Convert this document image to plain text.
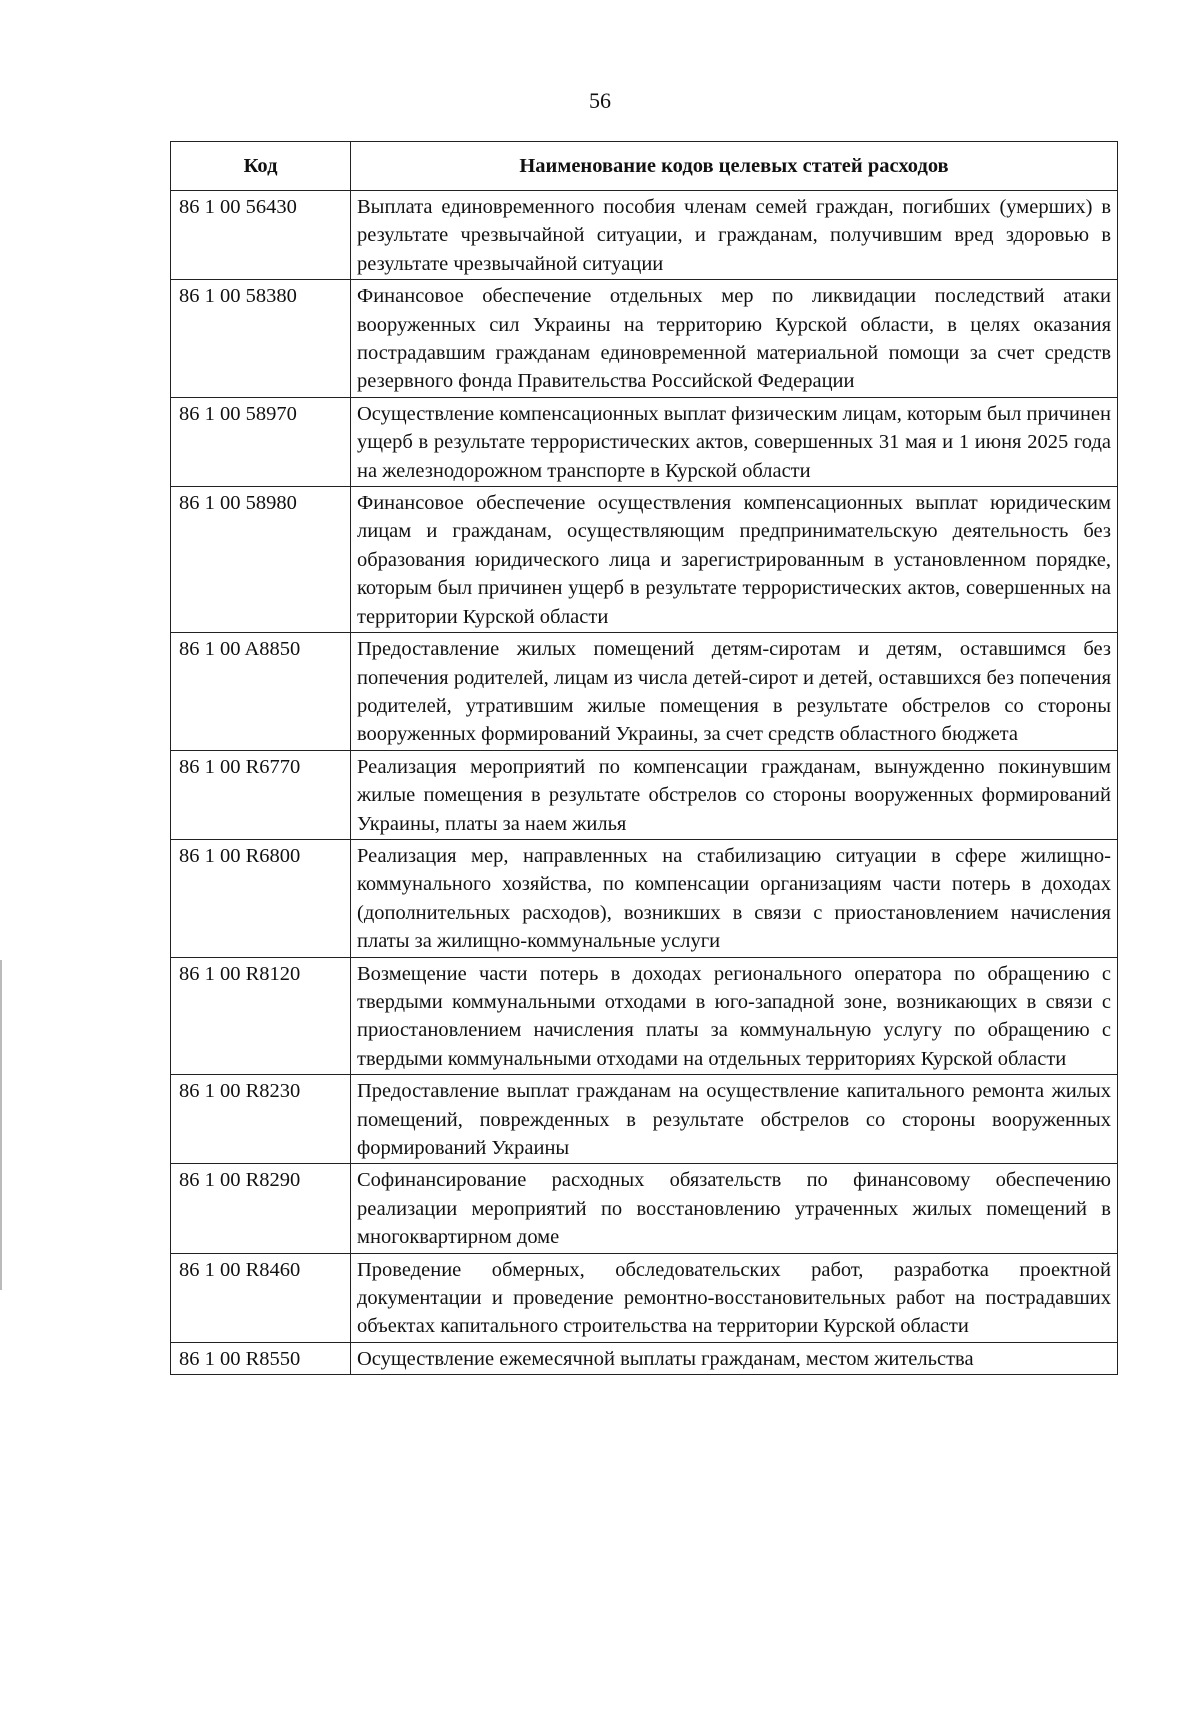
56
Код	Наименование кодов целевых статей расходов
86 1 00 56430	Выплата единовременного пособия членам семей граждан, погибших (умерших) в результате чрезвычайной ситуации, и гражданам, получившим вред здоровью в результате чрезвычайной ситуации
86 1 00 58380	Финансовое обеспечение отдельных мер по ликвидации последствий атаки вооруженных сил Украины на территорию Курской области, в целях оказания пострадавшим гражданам единовременной материальной помощи за счет средств резервного фонда Правительства Российской Федерации
86 1 00 58970	Осуществление компенсационных выплат физическим лицам, которым был причинен ущерб в результате террористических актов, совершенных 31 мая и 1 июня 2025 года на железнодорожном транспорте в Курской области
86 1 00 58980	Финансовое обеспечение осуществления компенсационных выплат юридическим лицам и гражданам, осуществляющим предпринимательскую деятельность без образования юридического лица и зарегистрированным в установленном порядке, которым был причинен ущерб в результате террористических актов, совершенных на территории Курской области
86 1 00 A8850	Предоставление жилых помещений детям-сиротам и детям, оставшимся без попечения родителей, лицам из числа детей-сирот и детей, оставшихся без попечения родителей, утратившим жилые помещения в результате обстрелов со стороны вооруженных формирований Украины, за счет средств областного бюджета
86 1 00 R6770	Реализация мероприятий по компенсации гражданам, вынужденно покинувшим жилые помещения в результате обстрелов со стороны вооруженных формирований Украины, платы за наем жилья
86 1 00 R6800	Реализация мер, направленных на стабилизацию ситуации в сфере жилищно-коммунального хозяйства, по компенсации организациям части потерь в доходах (дополнительных расходов), возникших в связи с приостановлением начисления платы за жилищно-коммунальные услуги
86 1 00 R8120	Возмещение части потерь в доходах регионального оператора по обращению с твердыми коммунальными отходами в юго-западной зоне, возникающих в связи с приостановлением начисления платы за коммунальную услугу по обращению с твердыми коммунальными отходами на отдельных территориях Курской области
86 1 00 R8230	Предоставление выплат гражданам на осуществление капитального ремонта жилых помещений, поврежденных в результате обстрелов со стороны вооруженных формирований Украины
86 1 00 R8290	Софинансирование расходных обязательств по финансовому обеспечению реализации мероприятий по восстановлению утраченных жилых помещений в многоквартирном доме
86 1 00 R8460	Проведение обмерных, обследовательских работ, разработка проектной документации и проведение ремонтно-восстановительных работ на пострадавших объектах капитального строительства на территории Курской области
86 1 00 R8550	Осуществление ежемесячной выплаты гражданам, местом жительства
